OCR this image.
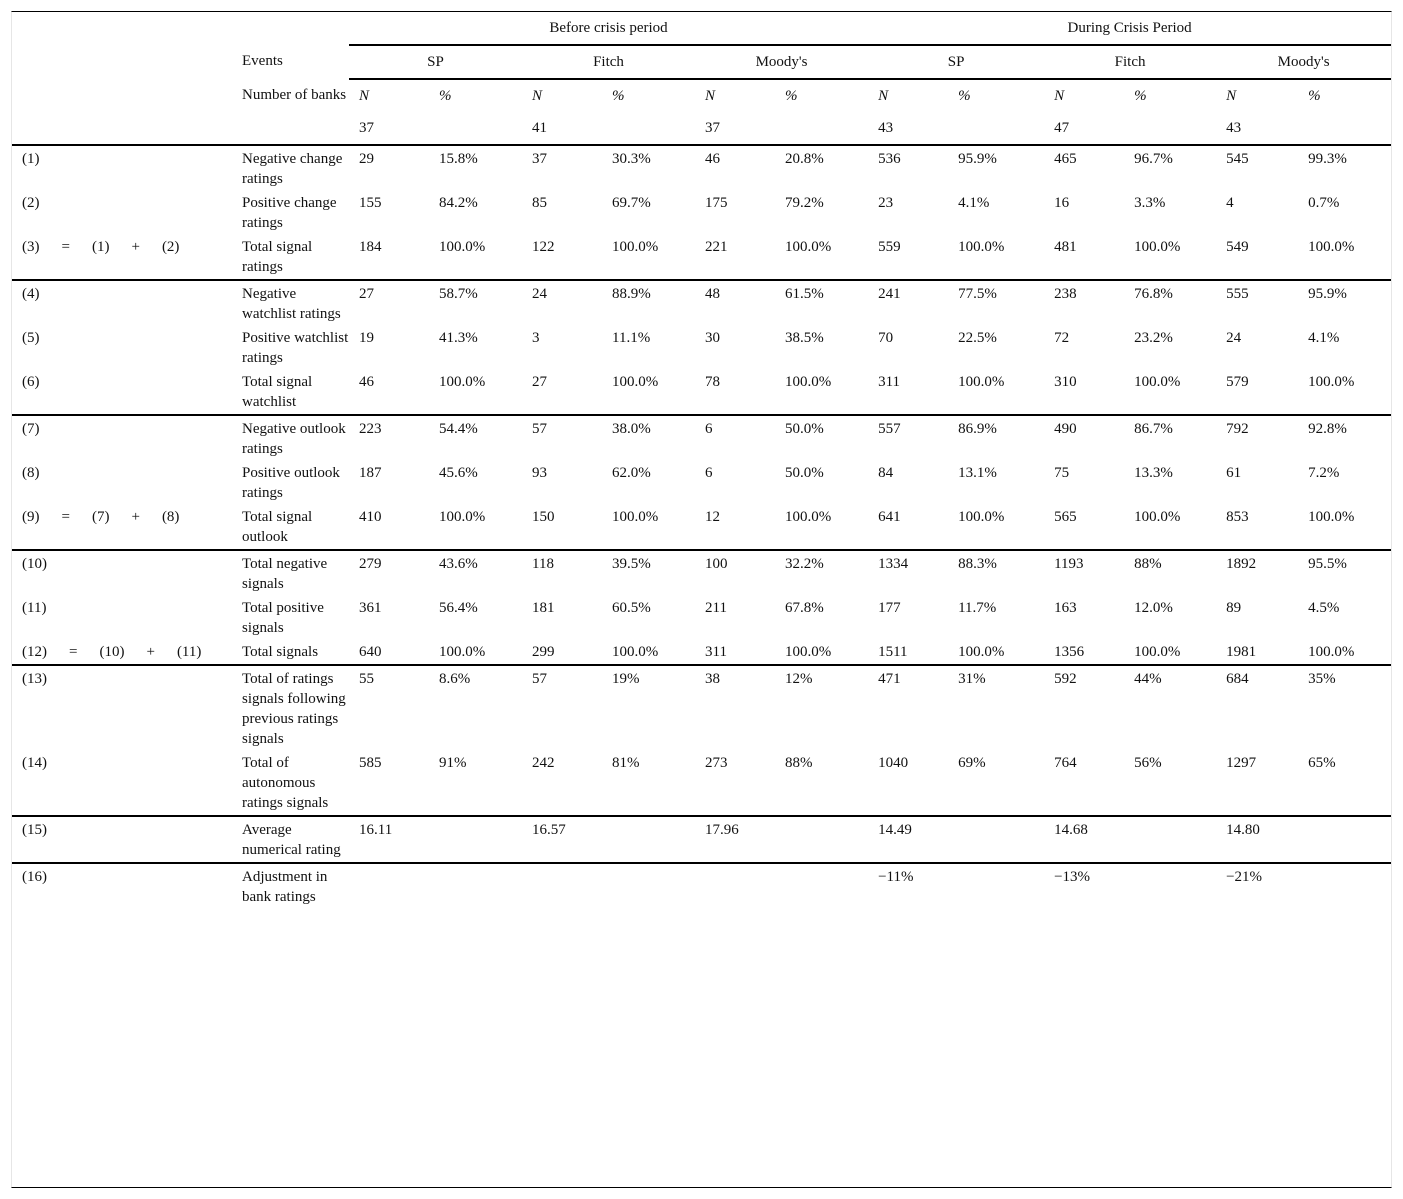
		Before crisis period						During Crisis Period					
	Events	SP		Fitch		Moody's		SP		Fitch		Moody's	
	Number of banks	N	%	N	%	N	%	N	%	N	%	N	%
		37		41		37		43		47		43	
(1)	Negative change ratings	29	15.8%	37	30.3%	46	20.8%	536	95.9%	465	96.7%	545	99.3%
(2)	Positive change ratings	155	84.2%	85	69.7%	175	79.2%	23	4.1%	16	3.3%	4	0.7%
(3) = (1) + (2)	Total signal ratings	184	100.0%	122	100.0%	221	100.0%	559	100.0%	481	100.0%	549	100.0%
(4)	Negative watchlist ratings	27	58.7%	24	88.9%	48	61.5%	241	77.5%	238	76.8%	555	95.9%
(5)	Positive watchlist ratings	19	41.3%	3	11.1%	30	38.5%	70	22.5%	72	23.2%	24	4.1%
(6)	Total signal watchlist	46	100.0%	27	100.0%	78	100.0%	311	100.0%	310	100.0%	579	100.0%
(7)	Negative outlook ratings	223	54.4%	57	38.0%	6	50.0%	557	86.9%	490	86.7%	792	92.8%
(8)	Positive outlook ratings	187	45.6%	93	62.0%	6	50.0%	84	13.1%	75	13.3%	61	7.2%
(9) = (7) + (8)	Total signal outlook	410	100.0%	150	100.0%	12	100.0%	641	100.0%	565	100.0%	853	100.0%
(10)	Total negative signals	279	43.6%	118	39.5%	100	32.2%	1334	88.3%	1193	88%	1892	95.5%
(11)	Total positive signals	361	56.4%	181	60.5%	211	67.8%	177	11.7%	163	12.0%	89	4.5%
(12) = (10) + (11)	Total signals	640	100.0%	299	100.0%	311	100.0%	1511	100.0%	1356	100.0%	1981	100.0%
(13)	Total of ratings signals following previous ratings signals	55	8.6%	57	19%	38	12%	471	31%	592	44%	684	35%
(14)	Total of autonomous ratings signals	585	91%	242	81%	273	88%	1040	69%	764	56%	1297	65%
(15)	Average numerical rating	16.11		16.57		17.96		14.49		14.68		14.80	
(16)	Adjustment in bank ratings							−11%		−13%		−21%	
